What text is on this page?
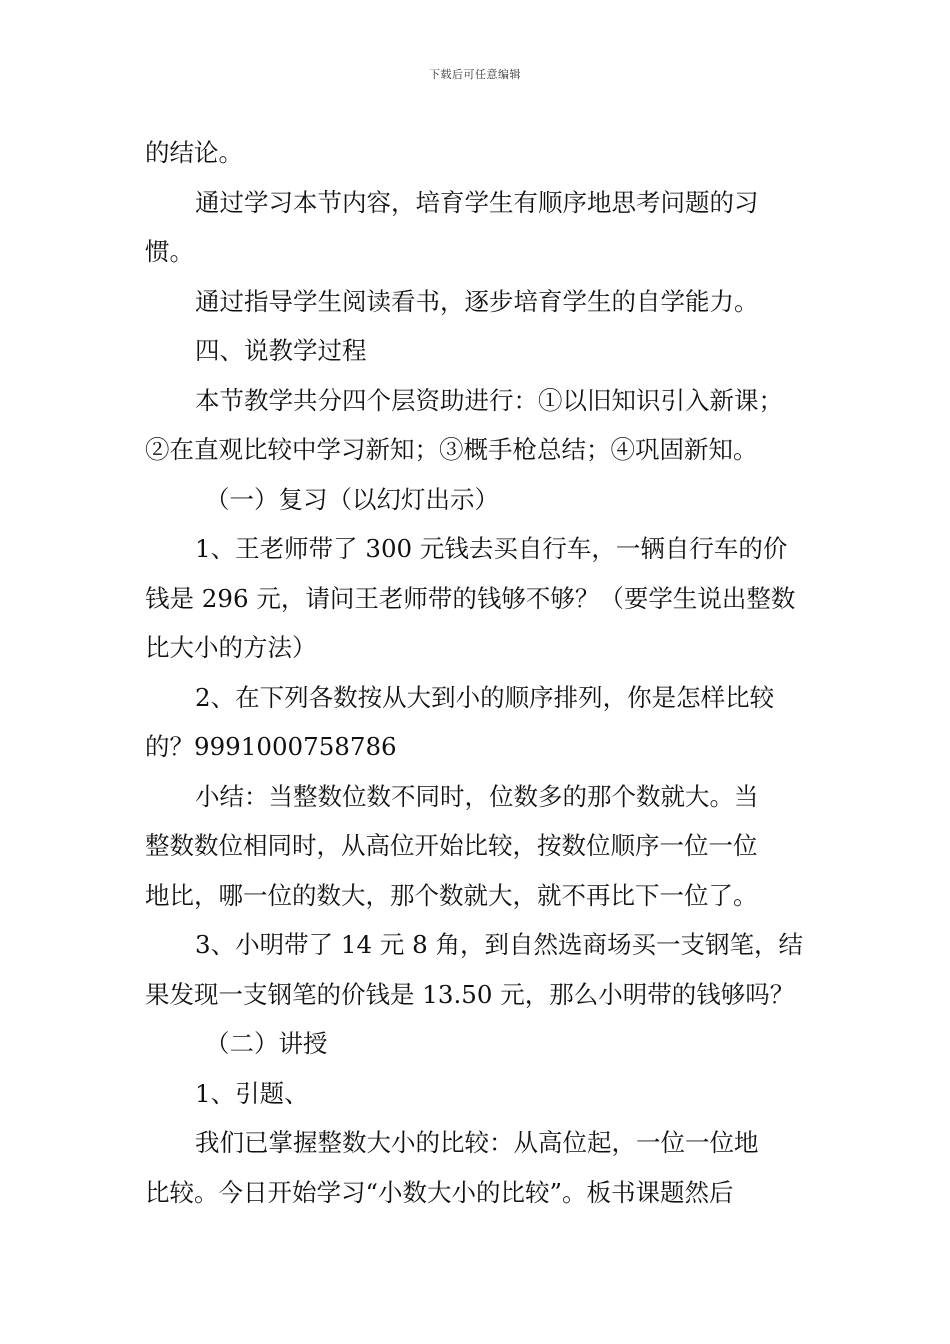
下载后可任意编辑
的结论。
通过学习本节内容，培育学生有顺序地思考问题的习
惯。
通过指导学生阅读看书，逐步培育学生的自学能力。
四、说教学过程
本节教学共分四个层资助进行：①以旧知识引入新课；
②在直观比较中学习新知；③概手枪总结；④巩固新知。
（一）复习（以幻灯出示）
1、王老师带了 300 元钱去买自行车，一辆自行车的价
钱是 296 元，请问王老师带的钱够不够？（要学生说出整数
比大小的方法）
2、在下列各数按从大到小的顺序排列，你是怎样比较
的？9991000758786
小结：当整数位数不同时，位数多的那个数就大。当
整数数位相同时，从高位开始比较，按数位顺序一位一位
地比，哪一位的数大，那个数就大，就不再比下一位了。
3、小明带了 14 元 8 角，到自然选商场买一支钢笔，结
果发现一支钢笔的价钱是 13.50 元，那么小明带的钱够吗？
（二）讲授
1、引题、
我们已掌握整数大小的比较：从高位起，一位一位地
比较。今日开始学习“小数大小的比较”。板书课题然后
